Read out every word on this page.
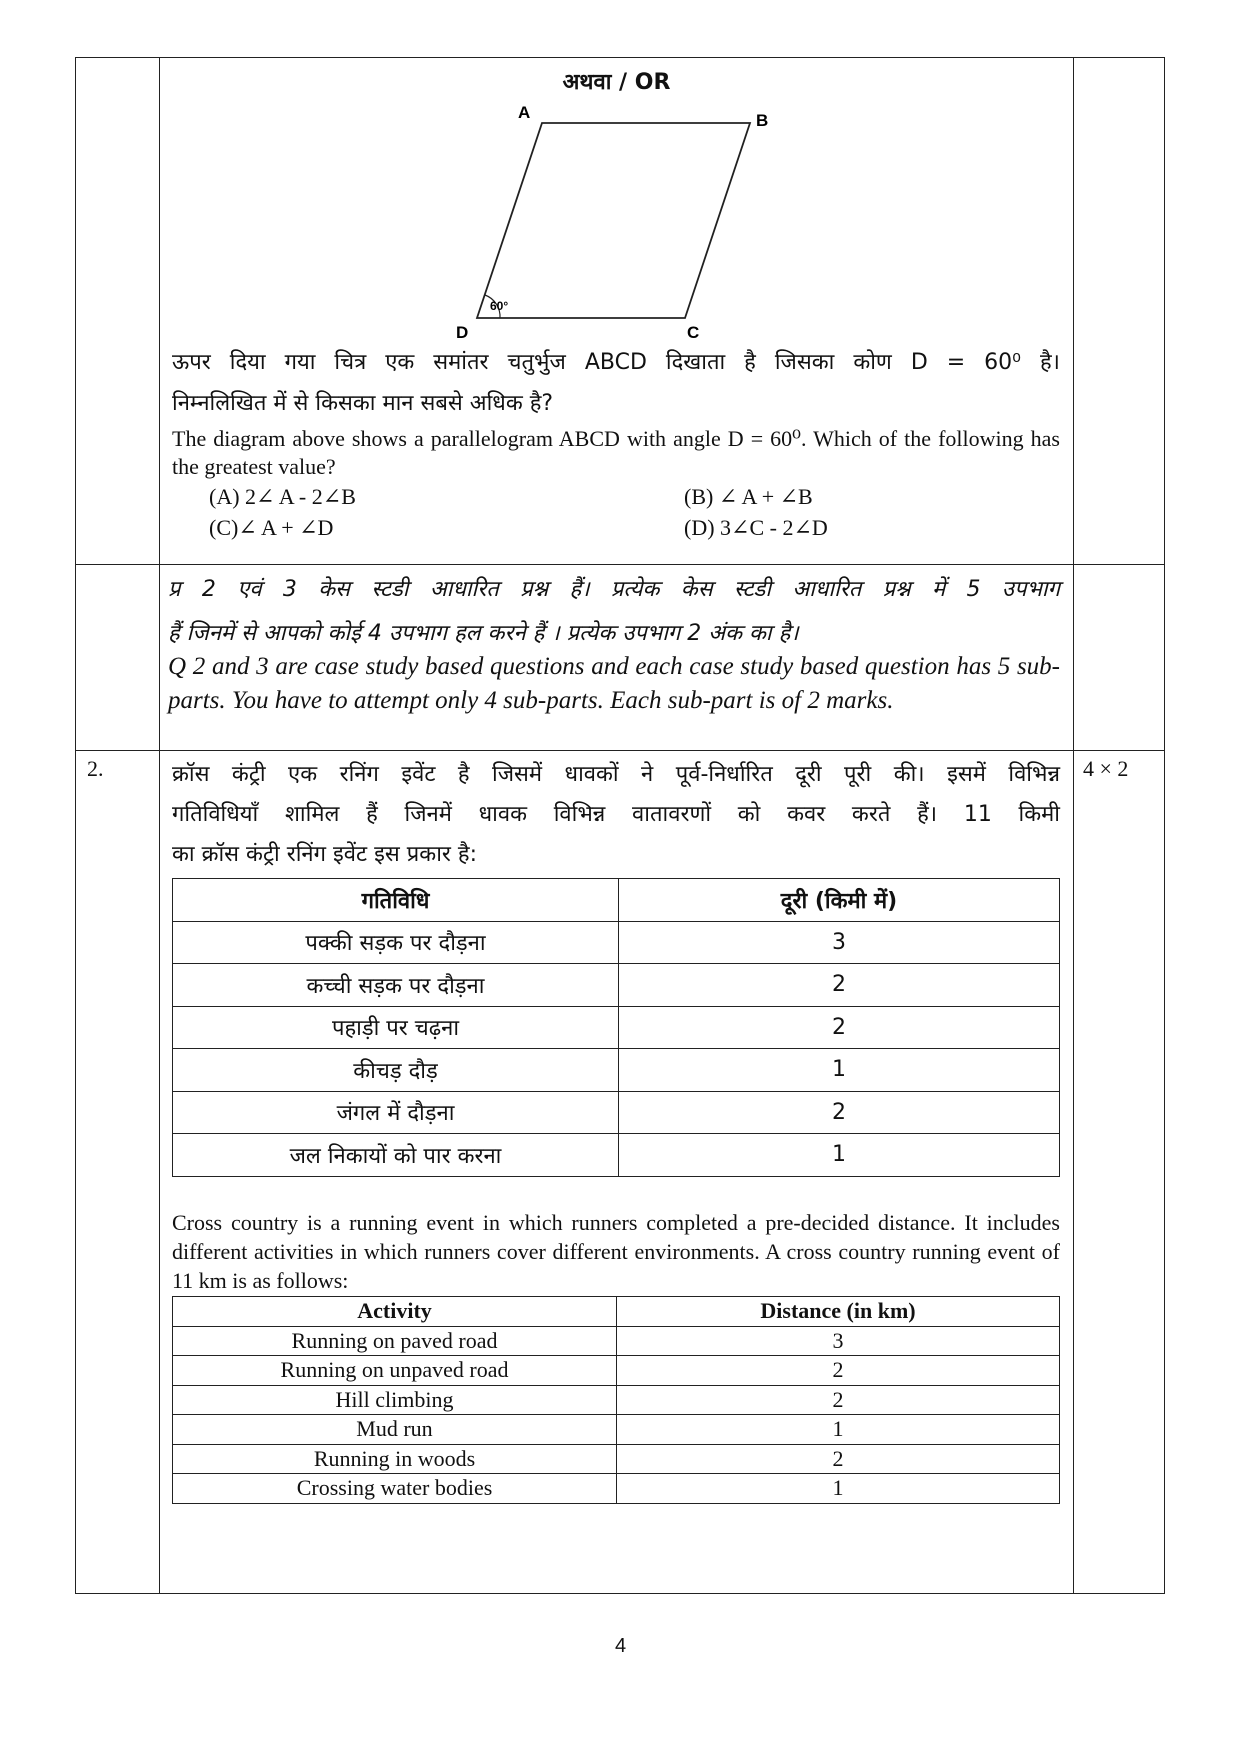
अथवा / OR
A	B
C
D
60°
ऊपर दिया गया चित्र एक समांतर चतुर्भुज ABCD दिखाता है जिसका कोण D = 60⁰ है।
निम्नलिखित में से किसका मान सबसे अधिक है?
The diagram above shows a parallelogram ABCD with angle D = 60⁰. Which of the following has the greatest value?
(A) 2∠ A - 2∠B	(B) ∠ A + ∠B
(C)∠ A + ∠D	(D) 3∠C - 2∠D
प्र 2 एवं 3 केस स्टडी आधारित प्रश्न हैं। प्रत्येक केस स्टडी आधारित प्रश्न में 5 उपभाग
हैं जिनमें से आपको कोई 4 उपभाग हल करने हैं । प्रत्येक उपभाग 2 अंक का है।
Q 2 and 3 are case study based questions and each case study based question has 5 sub-parts. You have to attempt only 4 sub-parts. Each sub-part is of 2 marks.
2.	4 × 2
क्रॉस कंट्री एक रनिंग इवेंट है जिसमें धावकों ने पूर्व-निर्धारित दूरी पूरी की। इसमें विभिन्न
गतिविधियाँ शामिल हैं जिनमें धावक विभिन्न वातावरणों को कवर करते हैं। 11 किमी
का क्रॉस कंट्री रनिंग इवेंट इस प्रकार है:
गतिविधि	दूरी (किमी में)
पक्की सड़क पर दौड़ना	3
कच्ची सड़क पर दौड़ना	2
पहाड़ी पर चढ़ना	2
कीचड़ दौड़	1
जंगल में दौड़ना	2
जल निकायों को पार करना	1
Cross country is a running event in which runners completed a pre-decided distance. It includes different activities in which runners cover different environments. A cross country running event of 11 km is as follows:
Activity	Distance (in km)
Running on paved road	3
Running on unpaved road	2
Hill climbing	2
Mud run	1
Running in woods	2
Crossing water bodies	1
4
